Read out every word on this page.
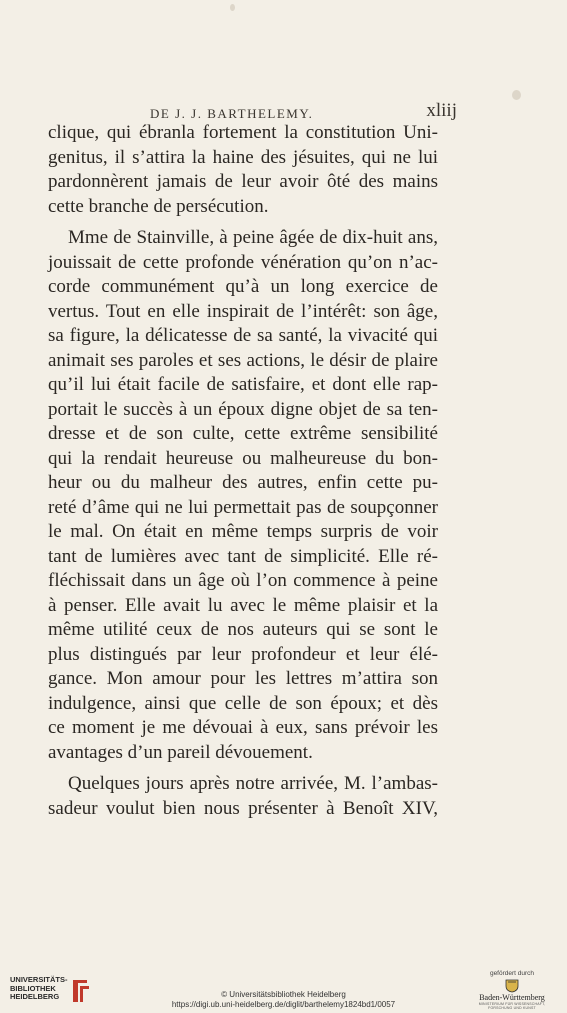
DE J. J. BARTHELEMY.	xliij
clique, qui ébranla fortement la constitution Uni-
genitus, il s’attira la haine des jésuites, qui ne lui
pardonnèrent jamais de leur avoir ôté des mains
cette branche de persécution.
Mme de Stainville, à peine âgée de dix-huit ans,
jouissait de cette profonde vénération qu’on n’ac-
corde communément qu’à un long exercice de
vertus. Tout en elle inspirait de l’intérêt: son âge,
sa figure, la délicatesse de sa santé, la vivacité qui
animait ses paroles et ses actions, le désir de plaire
qu’il lui était facile de satisfaire, et dont elle rap-
portait le succès à un époux digne objet de sa ten-
dresse et de son culte, cette extrême sensibilité
qui la rendait heureuse ou malheureuse du bon-
heur ou du malheur des autres, enfin cette pu-
reté d’âme qui ne lui permettait pas de soupçonner
le mal. On était en même temps surpris de voir
tant de lumières avec tant de simplicité. Elle ré-
fléchissait dans un âge où l’on commence à peine
à penser. Elle avait lu avec le même plaisir et la
même utilité ceux de nos auteurs qui se sont le
plus distingués par leur profondeur et leur élé-
gance. Mon amour pour les lettres m’attira son
indulgence, ainsi que celle de son époux; et dès
ce moment je me dévouai à eux, sans prévoir les
avantages d’un pareil dévouement.
Quelques jours après notre arrivée, M. l’ambas-
sadeur voulut bien nous présenter à Benoît XIV,
UNIVERSITÄTS-
BIBLIOTHEK
HEIDELBERG	© Universitätsbibliothek Heidelberg
https://digi.ub.uni-heidelberg.de/diglit/barthelemy1824bd1/0057
gefördert durch
Baden-Württemberg
MINISTERIUM FÜR WISSENSCHAFT, FORSCHUNG UND KUNST
